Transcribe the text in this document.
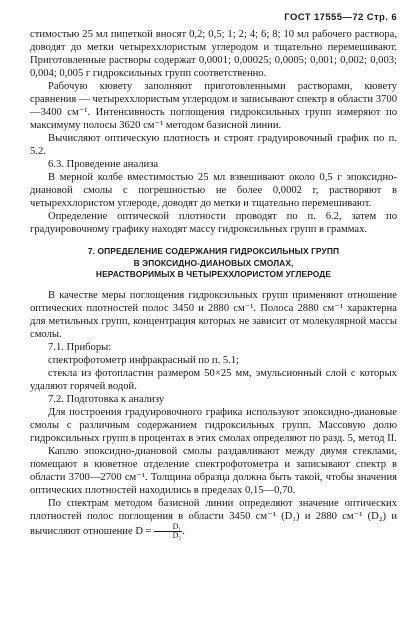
ГОСТ 17555—72 Стр. 6

стимостью 25 мл пипеткой вносят 0,2; 0,5; 1; 2; 4; 6; 8; 10 мл рабочего раствора, доводят до метки четыреххлористым углеродом и тщательно перемешивают. Приготовленные растворы содержат 0,0001; 0,00025; 0,0005; 0,001; 0,002; 0,003; 0,004; 0,005 г гидроксильных групп соответственно.

Рабочую кювету заполняют приготовленными растворами, кювету сравнения — четыреххлористым углеродом и записывают спектр в области 3700—3400 см⁻¹. Интенсивность поглощения гидроксильных групп измеряют по максимуму полосы 3620 см⁻¹ методом базисной линии.

Вычисляют оптическую плотность и строят градуировочный график по п. 5.2.

6.3. Проведение анализа

В мерной колбе вместимостью 25 мл взвешивают около 0,5 г эпоксидно-диановой смолы с погрешностью не более 0,0002 г, растворяют в четыреххлористом углероде, доводят до метки и тщательно перемешивают.

Определение оптической плотности проводят по п. 6.2, затем по градуировочному графику находят массу гидроксильных групп в граммах.

7. ОПРЕДЕЛЕНИЕ СОДЕРЖАНИЯ ГИДРОКСИЛЬНЫХ ГРУПП

В ЭПОКСИДНО-ДИАНОВЫХ СМОЛАХ,

НЕРАСТВОРИМЫХ В ЧЕТЫРЕХХЛОРИСТОМ УГЛЕРОДЕ

В качестве меры поглощения гидроксильных групп применяют отношение оптических плотностей полос 3450 и 2880 см⁻¹. Полоса 2880 см⁻¹ характерна для метильных групп, концентрация которых не зависит от молекулярной массы смолы.

7.1. Приборы:

спектрофотометр инфракрасный по п. 5.1;

стекла из фотопластин размером 50×25 мм, эмульсионный слой с которых удаляют горячей водой.

7.2. Подготовка к анализу

Для построения градуировочного графика используют эпоксидно-диановые смолы с различным содержанием гидроксильных групп. Массовую долю гидроксильных групп в процентах в этих смолах определяют по разд. 5, метод II.

Каплю эпоксидно-диановой смолы раздавливают между двумя стеклами, помещают в кюветное отделение спектрофотометра и записывают спектр в области 3700—2700 см⁻¹. Толщина образца должна быть такой, чтобы значения оптических плотностей находились в пределах 0,15—0,70.

По спектрам методом базисной линии определяют значение оптических плотностей полос поглощения в области 3450 см⁻¹ (D₁) и 2880 см⁻¹ (D₂) и вычисляют отношение $D = \frac{\text{D₁}}{\text{D₂}}$ .
